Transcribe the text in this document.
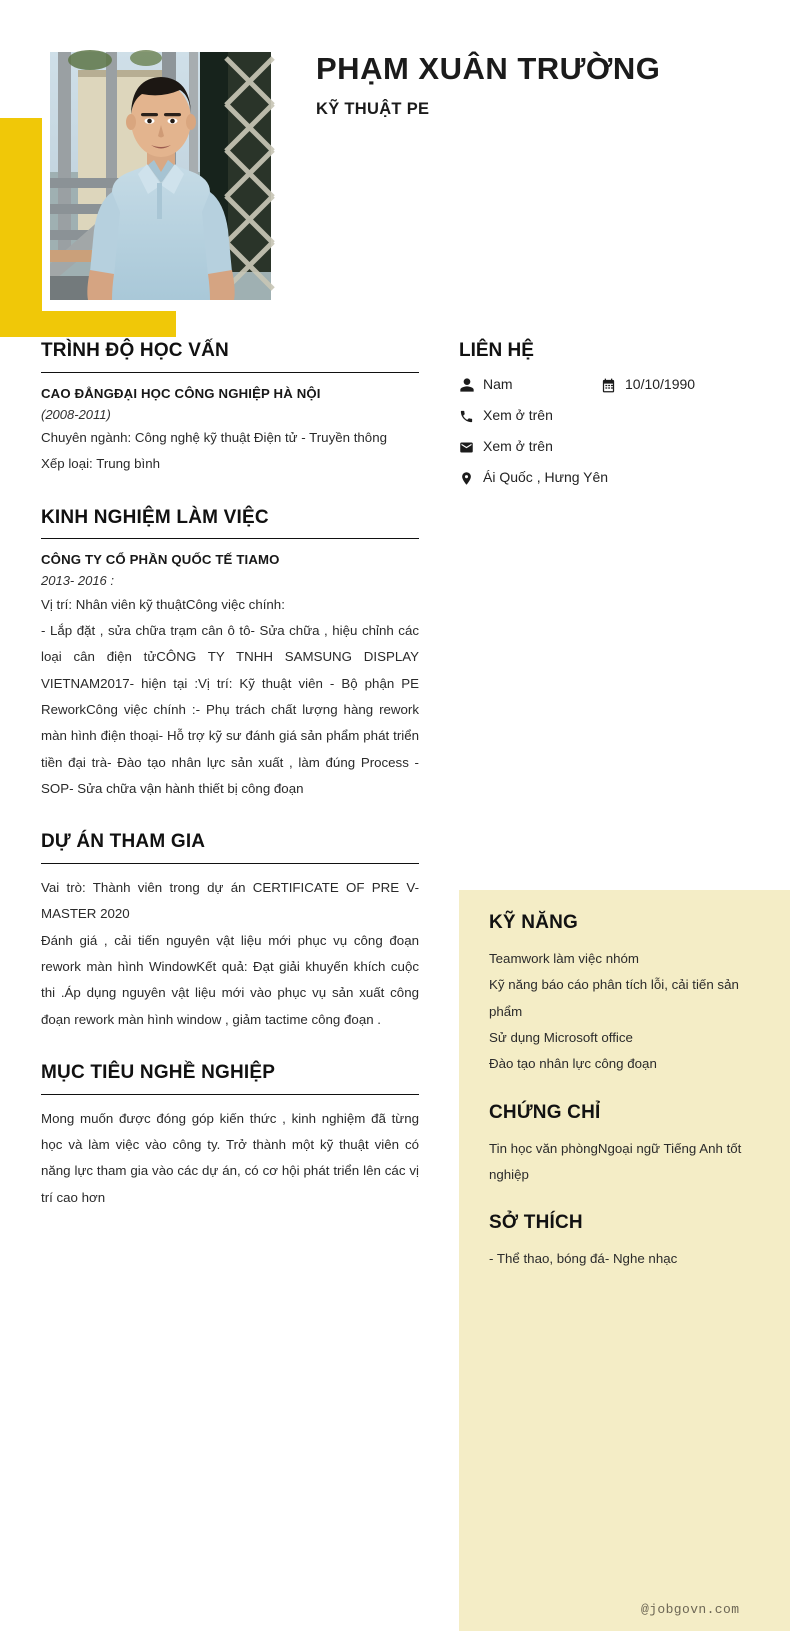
PHẠM XUÂN TRƯỜNG
KỸ THUẬT PE
TRÌNH ĐỘ HỌC VẤN
CAO ĐẲNGĐẠI HỌC CÔNG NGHIỆP HÀ NỘI
(2008-2011)
Chuyên ngành: Công nghệ kỹ thuật Điện tử - Truyền thông
Xếp loại: Trung bình
KINH NGHIỆM LÀM VIỆC
CÔNG TY CỔ PHẦN QUỐC TẾ TIAMO
2013- 2016 :
Vị trí: Nhân viên kỹ thuậtCông việc chính:
- Lắp đặt , sửa chữa trạm cân ô tô- Sửa chữa , hiệu chỉnh các loại cân điện tửCÔNG TY TNHH SAMSUNG DISPLAY VIETNAM2017- hiện tại :Vị trí: Kỹ thuật viên - Bộ phận PE ReworkCông việc chính :- Phụ trách chất lượng hàng rework màn hình điện thoại- Hỗ trợ kỹ sư đánh giá sản phẩm phát triển tiền đại trà- Đào tạo nhân lực sản xuất , làm đúng Process - SOP- Sửa chữa vận hành thiết bị công đoạn
DỰ ÁN THAM GIA
Vai trò: Thành viên trong dự án CERTIFICATE OF PRE V-MASTER 2020
Đánh giá , cải tiến nguyên vật liệu mới phục vụ công đoạn rework màn hình WindowKết quả: Đạt giải khuyến khích cuộc thi .Áp dụng nguyên vật liệu mới vào phục vụ sản xuất công đoạn rework màn hình window , giảm tactime công đoạn .
MỤC TIÊU NGHỀ NGHIỆP
Mong muốn được đóng góp kiến thức , kinh nghiệm đã từng học và làm việc vào công ty. Trở thành một kỹ thuật viên có năng lực tham gia vào các dự án, có cơ hội phát triển lên các vị trí cao hơn
LIÊN HỆ
Nam	10/10/1990
Xem ở trên
Xem ở trên
Ái Quốc , Hưng Yên
KỸ NĂNG
Teamwork làm việc nhóm
Kỹ năng báo cáo phân tích lỗi, cải tiến sản phẩm
Sử dụng Microsoft office
Đào tạo nhân lực công đoạn
CHỨNG CHỈ
Tin học văn phòngNgoại ngữ Tiếng Anh tốt nghiệp
SỞ THÍCH
- Thể thao, bóng đá- Nghe nhạc
@jobgovn.com
